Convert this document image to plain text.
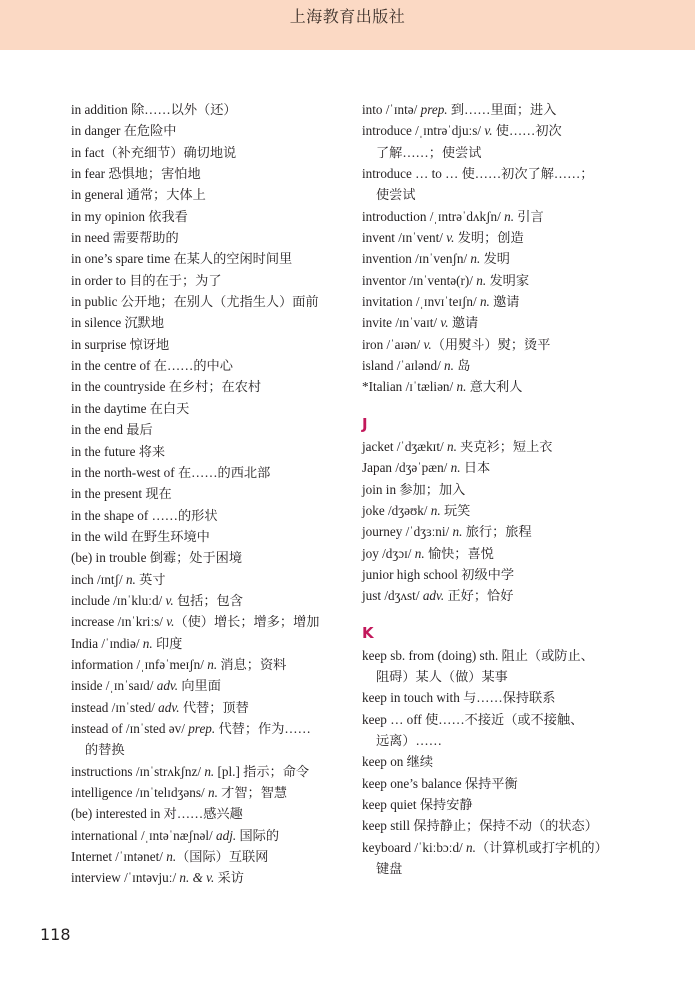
上海教育出版社
in addition 除……以外（还）
in danger 在危险中
in fact（补充细节）确切地说
in fear 恐惧地；害怕地
in general 通常；大体上
in my opinion 依我看
in need 需要帮助的
in one’s spare time 在某人的空闲时间里
in order to 目的在于；为了
in public 公开地；在别人（尤指生人）面前
in silence 沉默地
in surprise 惊讶地
in the centre of 在……的中心
in the countryside 在乡村；在农村
in the daytime 在白天
in the end 最后
in the future 将来
in the north-west of 在……的西北部
in the present 现在
in the shape of ……的形状
in the wild 在野生环境中
(be) in trouble 倒霉；处于困境
inch /ɪntʃ/ n. 英寸
include /ɪnˈkluːd/ v. 包括；包含
increase /ɪnˈkriːs/ v.（使）增长；增多；增加
India /ˈɪndiə/ n. 印度
information /ˌɪnfəˈmeɪʃn/ n. 消息；资料
inside /ˌɪnˈsaɪd/ adv. 向里面
instead /ɪnˈsted/ adv. 代替；顶替
instead of /ɪnˈsted əv/ prep. 代替；作为……
的替换
instructions /ɪnˈstrʌkʃnz/ n. [pl.] 指示；命令
intelligence /ɪnˈtelɪdʒəns/ n. 才智；智慧
(be) interested in 对……感兴趣
international /ˌɪntəˈnæʃnəl/ adj. 国际的
Internet /ˈɪntənet/ n.（国际）互联网
interview /ˈɪntəvjuː/ n. & v. 采访
into /ˈɪntə/ prep. 到……里面；进入
introduce /ˌɪntrəˈdjuːs/ v. 使……初次
了解……；使尝试
introduce … to … 使……初次了解……；
使尝试
introduction /ˌɪntrəˈdʌkʃn/ n. 引言
invent /ɪnˈvent/ v. 发明；创造
invention /ɪnˈvenʃn/ n. 发明
inventor /ɪnˈventə(r)/ n. 发明家
invitation /ˌɪnvɪˈteɪʃn/ n. 邀请
invite /ɪnˈvaɪt/ v. 邀请
iron /ˈaɪən/ v.（用熨斗）熨；烫平
island /ˈaɪlənd/ n. 岛
*Italian /ɪˈtæliən/ n. 意大利人
J
jacket /ˈdʒækɪt/ n. 夹克衫；短上衣
Japan /dʒəˈpæn/ n. 日本
join in 参加；加入
joke /dʒəʊk/ n. 玩笑
journey /ˈdʒɜːni/ n. 旅行；旅程
joy /dʒɔɪ/ n. 愉快；喜悦
junior high school 初级中学
just /dʒʌst/ adv. 正好；恰好
K
keep sb. from (doing) sth. 阻止（或防止、
阻碍）某人（做）某事
keep in touch with 与……保持联系
keep … off 使……不接近（或不接触、
远离）……
keep on 继续
keep one’s balance 保持平衡
keep quiet 保持安静
keep still 保持静止；保持不动（的状态）
keyboard /ˈkiːbɔːd/ n.（计算机或打字机的）
键盘
118
